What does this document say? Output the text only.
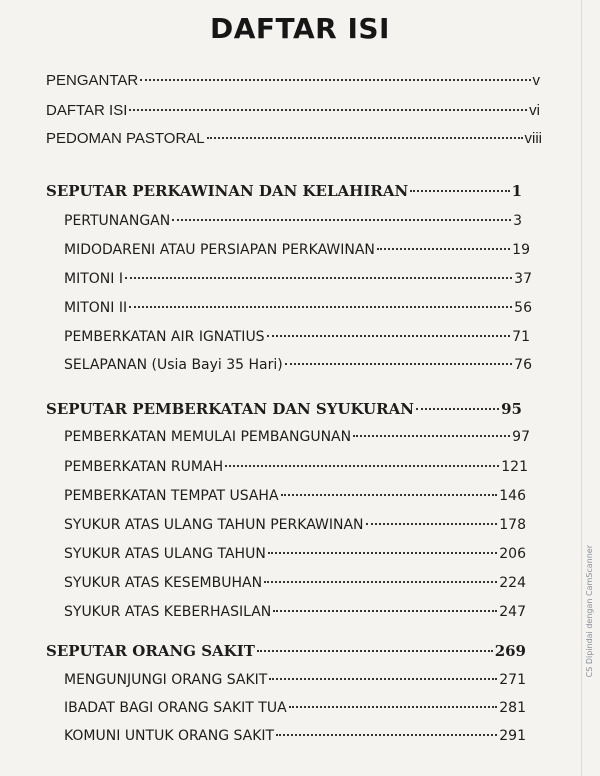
DAFTAR ISI
PENGANTAR	v
DAFTAR ISI	vi
PEDOMAN PASTORAL	viii
SEPUTAR PERKAWINAN DAN KELAHIRAN	1
PERTUNANGAN	3
MIDODARENI ATAU PERSIAPAN PERKAWINAN	19
MITONI I	37
MITONI II	56
PEMBERKATAN AIR IGNATIUS	71
SELAPANAN (Usia Bayi 35 Hari)	76
SEPUTAR PEMBERKATAN DAN SYUKURAN	95
PEMBERKATAN MEMULAI PEMBANGUNAN	97
PEMBERKATAN RUMAH	121
PEMBERKATAN TEMPAT USAHA	146
SYUKUR ATAS ULANG TAHUN PERKAWINAN	178
SYUKUR ATAS ULANG TAHUN	206
SYUKUR ATAS KESEMBUHAN	224
SYUKUR ATAS KEBERHASILAN	247
SEPUTAR ORANG SAKIT	269
MENGUNJUNGI ORANG SAKIT	271
IBADAT BAGI ORANG SAKIT TUA	281
KOMUNI UNTUK ORANG SAKIT	291
CS Dipindai dengan CamScanner
